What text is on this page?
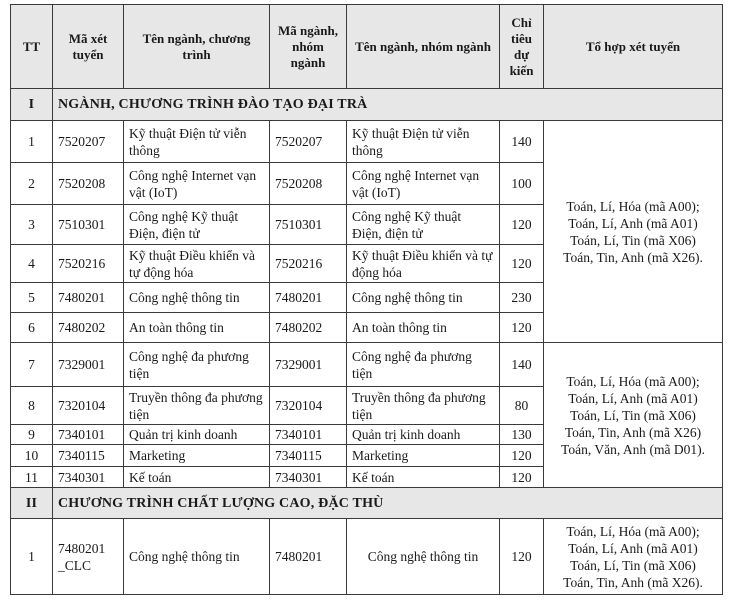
TT	Mã xét tuyển	Tên ngành, chương trình	Mã ngành, nhóm ngành	Tên ngành, nhóm ngành	Chỉ tiêu dự kiến	Tổ hợp xét tuyển
I	NGÀNH, CHƯƠNG TRÌNH ĐÀO TẠO ĐẠI TRÀ					
1	7520207	Kỹ thuật Điện tử viễn thông	7520207	Kỹ thuật Điện tử viễn thông	140	Toán, Lí, Hóa (mã A00);
Toán, Lí, Anh (mã A01)
Toán, Lí, Tin (mã X06)
Toán, Tin, Anh (mã X26).

2	7520208	Công nghệ Internet vạn vật (IoT)	7520208	Công nghệ Internet vạn vật (IoT)	100	
3	7510301	Công nghệ Kỹ thuật Điện, điện tử	7510301	Công nghệ Kỹ thuật Điện, điện tử	120	
4	7520216	Kỹ thuật Điều khiển và tự động hóa	7520216	Kỹ thuật Điều khiển và tự động hóa	120	
5	7480201	Công nghệ thông tin	7480201	Công nghệ thông tin	230	
6	7480202	An toàn thông tin	7480202	An toàn thông tin	120	
7	7329001	Công nghệ đa phương tiện	7329001	Công nghệ đa phương tiện	140	Toán, Lí, Hóa (mã A00);
Toán, Lí, Anh (mã A01)
Toán, Lí, Tin (mã X06)
Toán, Tin, Anh (mã X26)
Toán, Văn, Anh (mã D01).

8	7320104	Truyền thông đa phương tiện	7320104	Truyền thông đa phương tiện	80	
9	7340101	Quản trị kinh doanh	7340101	Quản trị kinh doanh	130	
10	7340115	Marketing	7340115	Marketing	120	
11	7340301	Kế toán	7340301	Kế toán	120	
II	CHƯƠNG TRÌNH CHẤT LƯỢNG CAO, ĐẶC THÙ					
1	7480201 _CLC	Công nghệ thông tin	7480201	Công nghệ thông tin	120	Toán, Lí, Hóa (mã A00);
Toán, Lí, Anh (mã A01)
Toán, Lí, Tin (mã X06)
Toán, Tin, Anh (mã X26).
